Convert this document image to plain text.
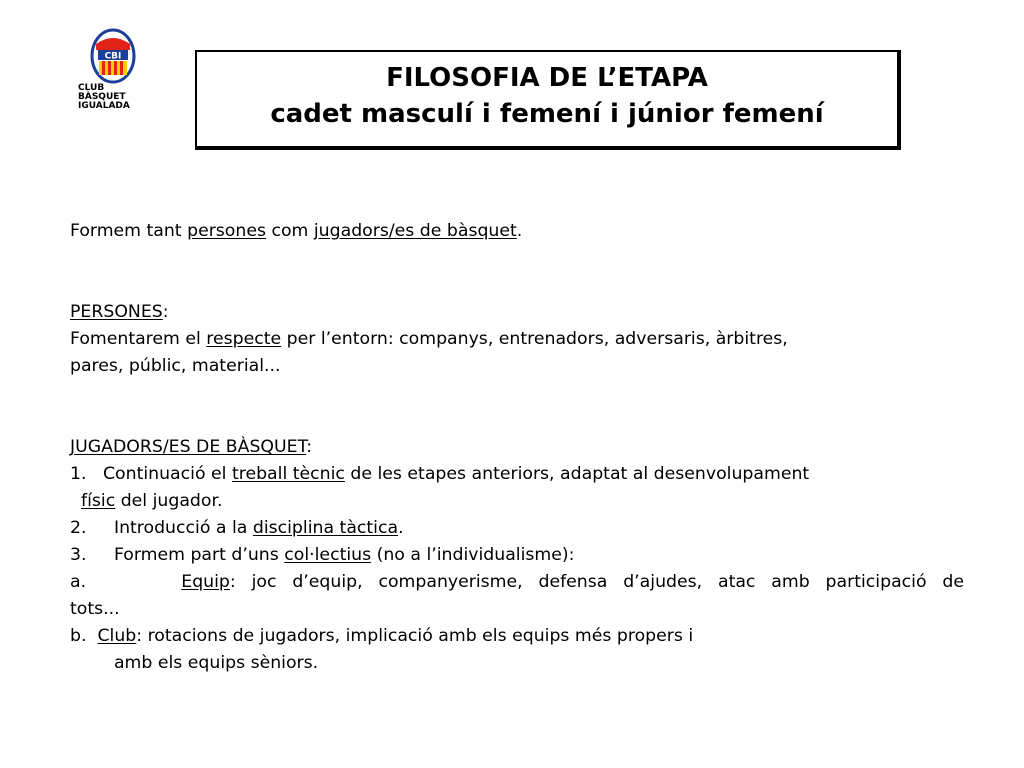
CBI
CLUB
BÀSQUET
IGUALADA
FILOSOFIA DE L’ETAPA
cadet masculí i femení i júnior femení

Formem tant persones com jugadors/es de bàsquet.

PERSONES:

Fomentarem el respecte per l’entorn: companys, entrenadors, adversaris, àrbitres,

pares, públic, material...

JUGADORS/ES DE BÀSQUET:

1. Continuació el treball tècnic de les etapes anteriors, adaptat al desenvolupament

físic del jugador.

2. Introducció a la disciplina tàctica.

3. Formem part d’uns col·lectius (no a l’individualisme):

a.	Equip: joc d’equip, companyerisme, defensa d’ajudes, atac amb participació de

tots...

b. Club: rotacions de jugadors, implicació amb els equips més propers i

amb els equips sèniors.
